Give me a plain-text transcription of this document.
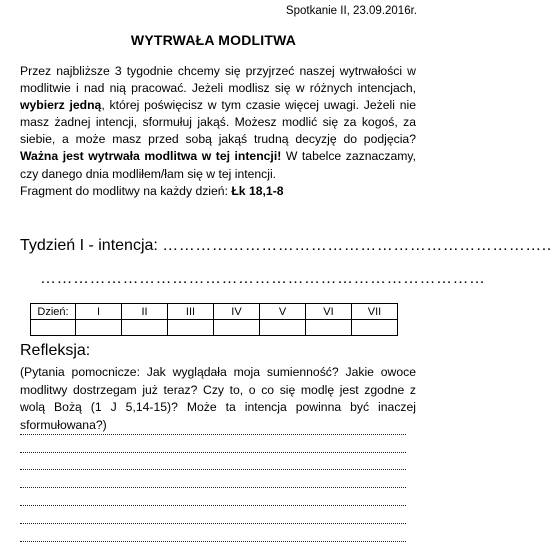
Spotkanie II, 23.09.2016r.
WYTRWAŁA MODLITWA

Przez najbliższe 3 tygodnie chcemy się przyjrzeć naszej wytrwałości w modlitwie i nad nią pracować. Jeżeli modlisz się w różnych intencjach, wybierz jedną, której poświęcisz w tym czasie więcej uwagi. Jeżeli nie masz żadnej intencji, sformułuj jakąś. Możesz modlić się za kogoś, za siebie, a może masz przed sobą jakąś trudną decyzję do podjęcia? Ważna jest wytrwała modlitwa w tej intencji! W tabelce zaznaczamy, czy danego dnia modliłem/łam się w tej intencji.

Fragment do modlitwy na każdy dzień: Łk 18,1-8

Tydzień I - intencja: ……………………………………………………………..
………………………………………………………………………
Dzień:	I	II	III	IV	V	VI	VII

Refleksja:

(Pytania pomocnicze: Jak wyglądała moja sumienność? Jakie owoce modlitwy dostrzegam już teraz? Czy to, o co się modlę jest zgodne z wolą Bożą (1 J 5,14-15)? Może ta intencja powinna być inaczej sformułowana?)
